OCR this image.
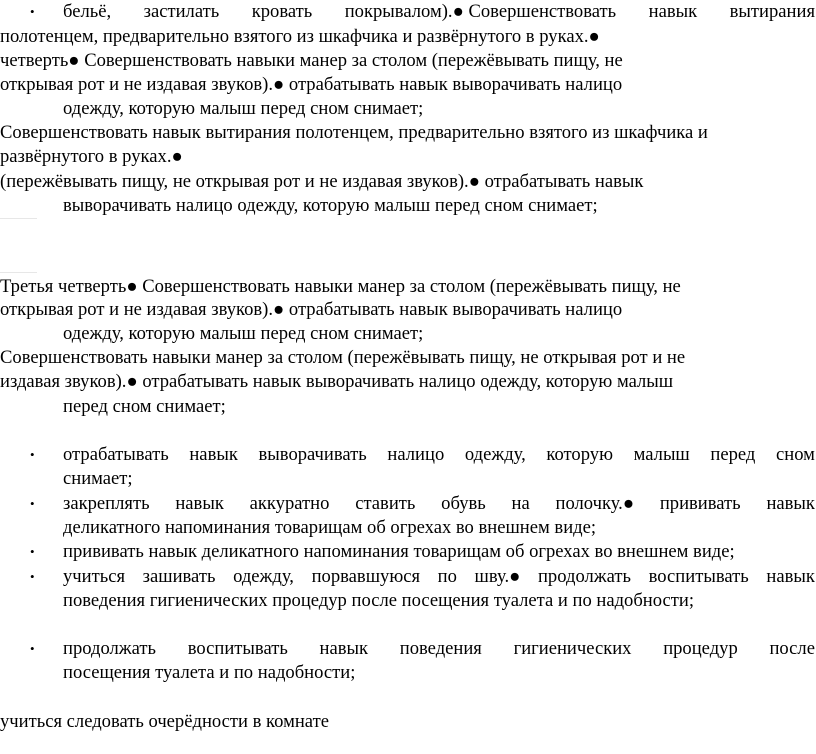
• бельё, застилать кровать покрывалом).● Совершенствовать навык вытирания
полотенцем, предварительно взятого из шкафчика и развёрнутого в руках.●
четверть● Совершенствовать навыки манер за столом (пережёвывать пищу, не
открывая рот и не издавая звуков).● отрабатывать навык выворачивать налицо
одежду, которую малыш перед сном снимает;
Совершенствовать навык вытирания полотенцем, предварительно взятого из шкафчика и
развёрнутого в руках.●
(пережёвывать пищу, не открывая рот и не издавая звуков).● отрабатывать навык
выворачивать налицо одежду, которую малыш перед сном снимает;
Третья четверть● Совершенствовать навыки манер за столом (пережёвывать пищу, не
открывая рот и не издавая звуков).● отрабатывать навык выворачивать налицо
одежду, которую малыш перед сном снимает;
Совершенствовать навыки манер за столом (пережёвывать пищу, не открывая рот и не
издавая звуков).● отрабатывать навык выворачивать налицо одежду, которую малыш
перед сном снимает;
• отрабатывать навык выворачивать налицо одежду, которую малыш перед сном
снимает;
• закреплять навык аккуратно ставить обувь на полочку.● прививать навык
деликатного напоминания товарищам об огрехах во внешнем виде;
• прививать навык деликатного напоминания товарищам об огрехах во внешнем виде;
• учиться зашивать одежду, порвавшуюся по шву.● продолжать воспитывать навык
поведения гигиенических процедур после посещения туалета и по надобности;
• продолжать воспитывать навык поведения гигиенических процедур после
посещения туалета и по надобности;
учиться следовать очерёдности в комнате
